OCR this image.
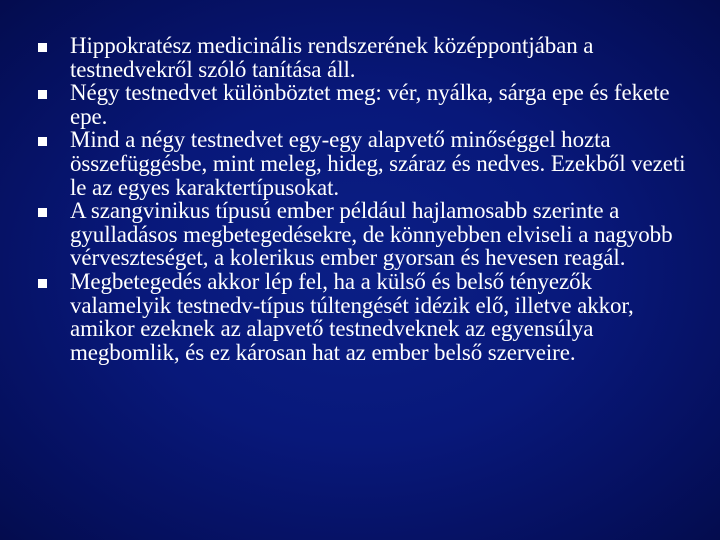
Hippokratész medicinális rendszerének középpontjában a testnedvekről szóló tanítása áll.
Négy testnedvet különböztet meg: vér, nyálka, sárga epe és fekete epe.
Mind a négy testnedvet egy-egy alapvető minőséggel hozta összefüggésbe, mint meleg, hideg, száraz és nedves. Ezekből vezeti le az egyes karaktertípusokat.
A szangvinikus típusú ember például hajlamosabb szerinte a gyulladásos megbetegedésekre, de könnyebben elviseli a nagyobb vérveszteséget, a kolerikus ember gyorsan és hevesen reagál.
Megbetegedés akkor lép fel, ha a külső és belső tényezők valamelyik testnedv-típus túltengését idézik elő, illetve akkor, amikor ezeknek az alapvető testnedveknek az egyensúlya megbomlik, és ez károsan hat az ember belső szerveire.
